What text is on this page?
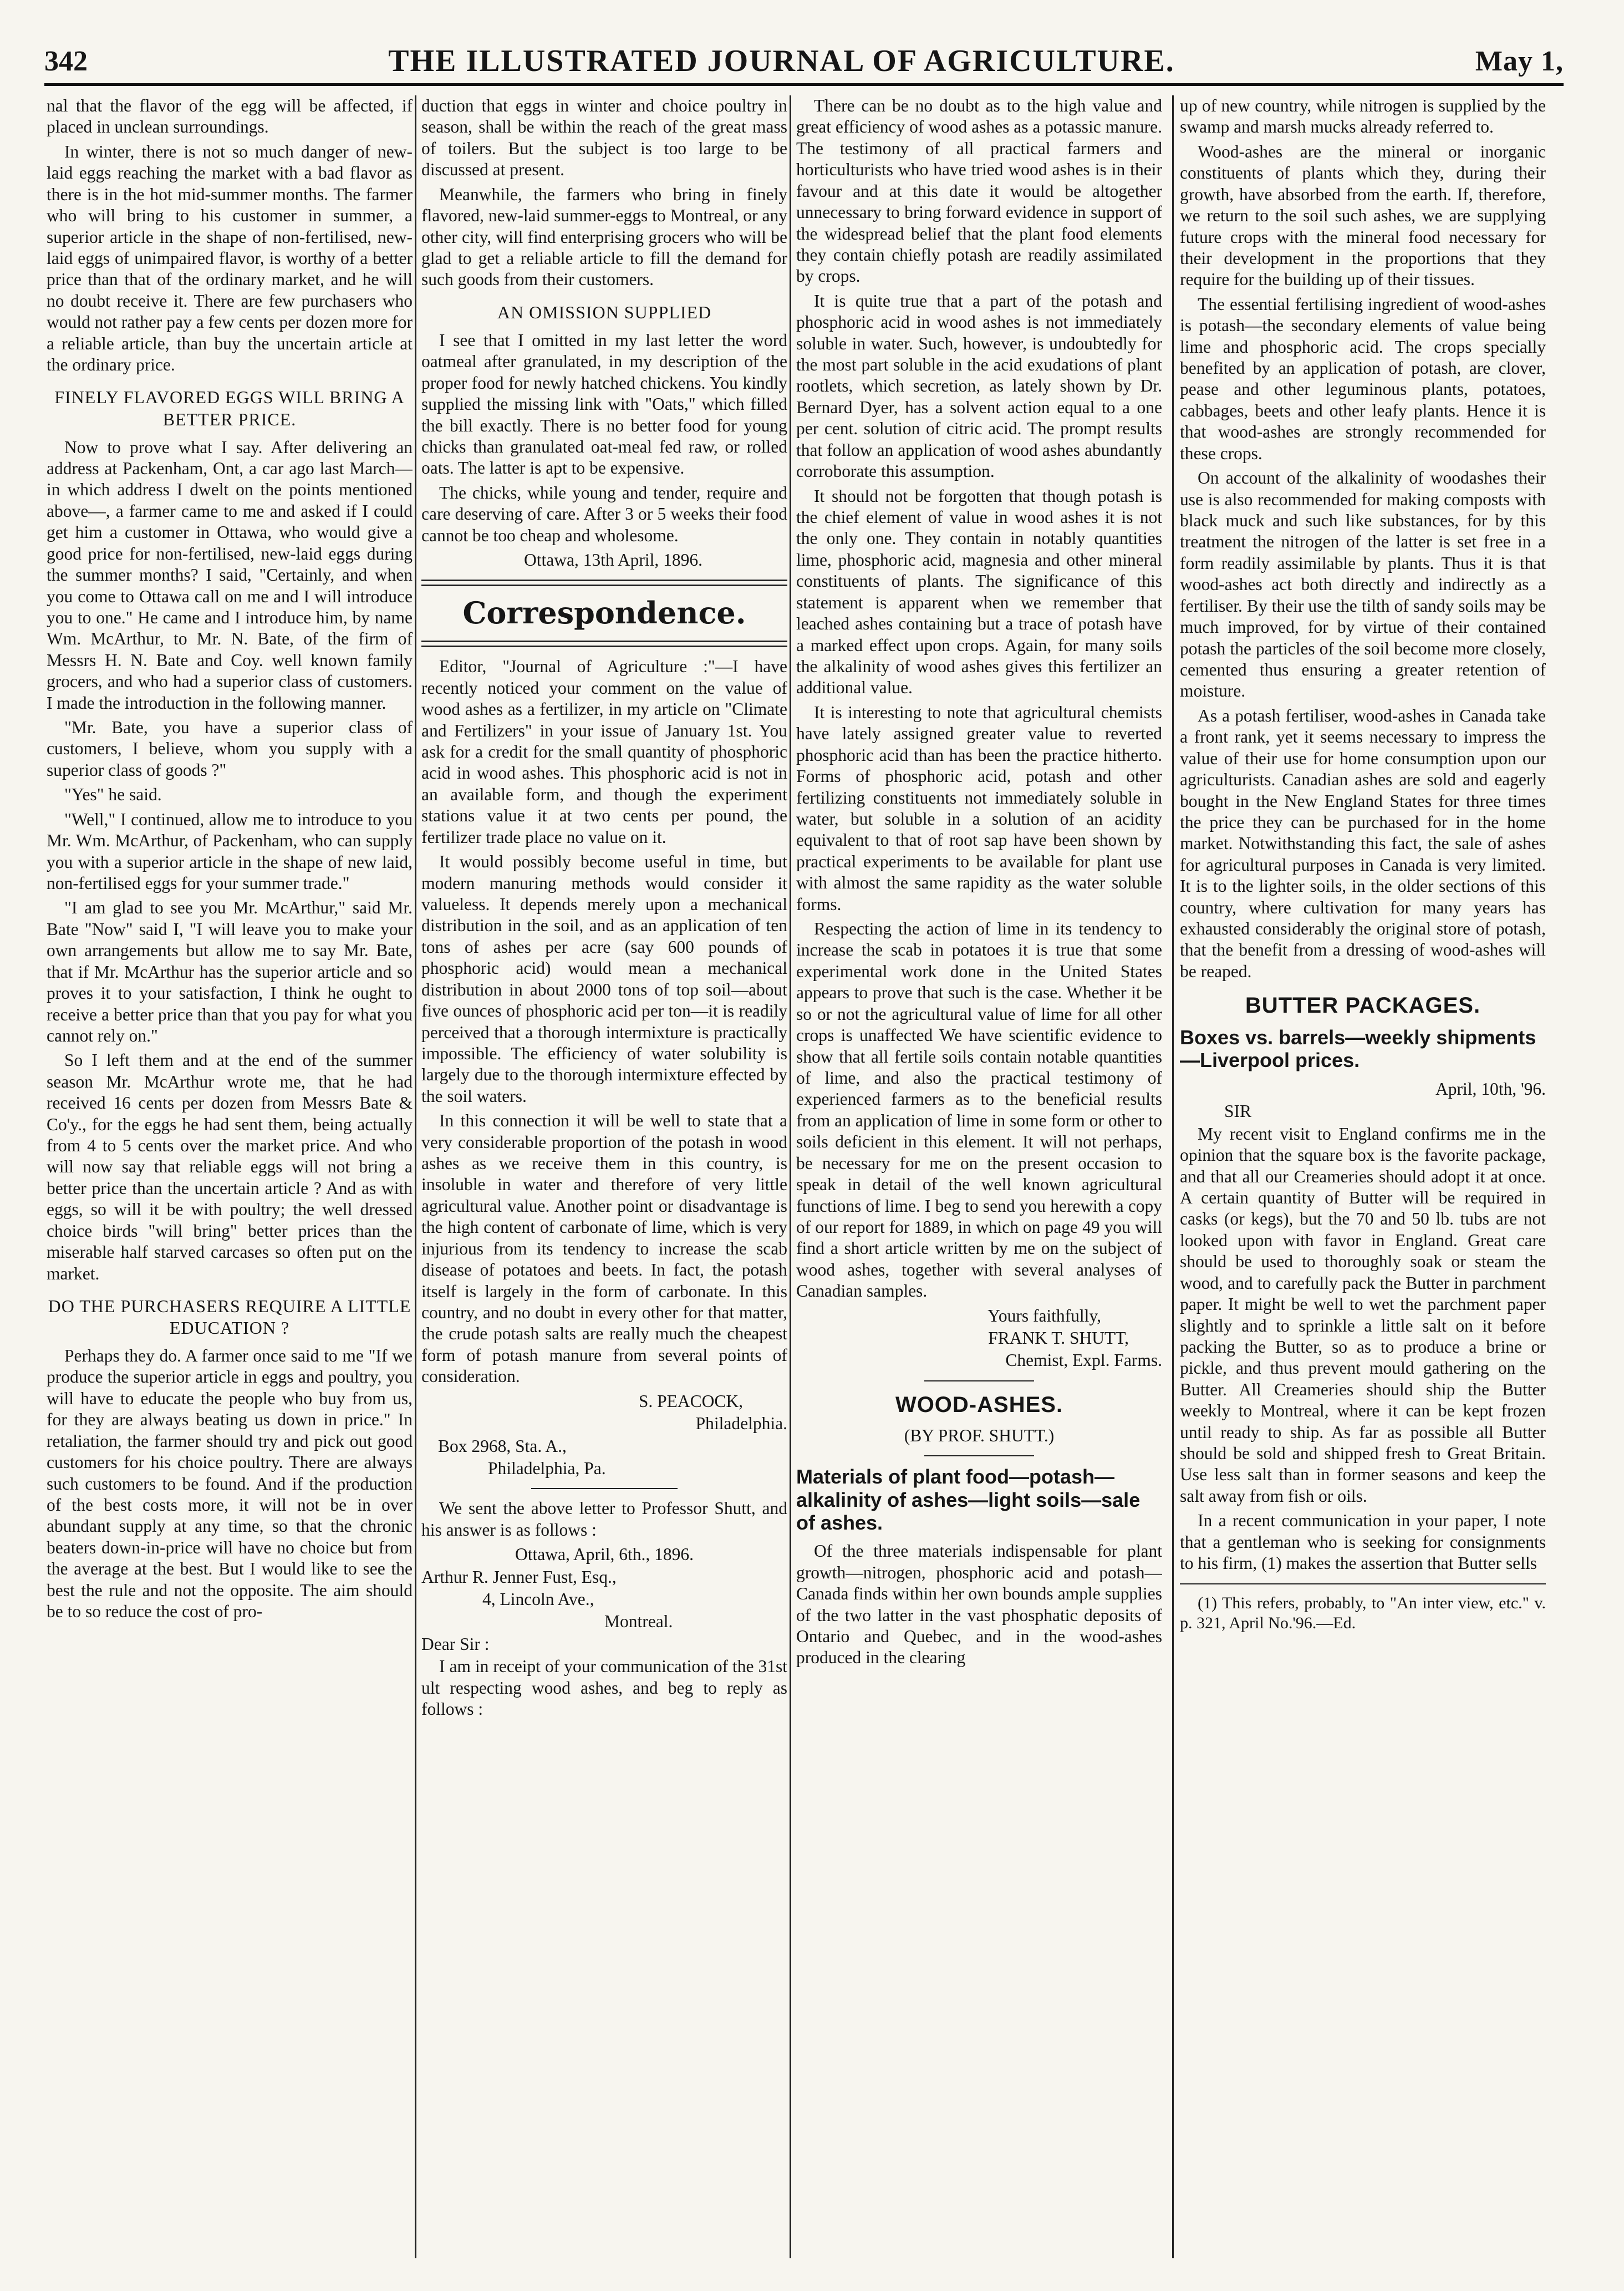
342	THE ILLUSTRATED JOURNAL OF AGRICULTURE.	May 1,

nal that the flavor of the egg will be affected, if placed in unclean surroundings.

In winter, there is not so much danger of new-laid eggs reaching the market with a bad flavor as there is in the hot mid-summer months. The farmer who will bring to his customer in summer, a superior article in the shape of non-fertilised, new-laid eggs of unimpaired flavor, is worthy of a better price than that of the ordinary market, and he will no doubt receive it. There are few purchasers who would not rather pay a few cents per dozen more for a reliable article, than buy the uncertain article at the ordinary price.

FINELY FLAVORED EGGS WILL BRING A BETTER PRICE.

Now to prove what I say. After delivering an address at Packenham, Ont, a car ago last March—in which address I dwelt on the points mentioned above—, a farmer came to me and asked if I could get him a customer in Ottawa, who would give a good price for non-fertilised, new-laid eggs during the summer months? I said, "Certainly, and when you come to Ottawa call on me and I will introduce you to one." He came and I introduce him, by name Wm. McArthur, to Mr. N. Bate, of the firm of Messrs H. N. Bate and Coy. well known family grocers, and who had a superior class of customers. I made the introduction in the following manner.

"Mr. Bate, you have a superior class of customers, I believe, whom you supply with a superior class of goods ?"

"Yes" he said.

"Well," I continued, allow me to introduce to you Mr. Wm. McArthur, of Packenham, who can supply you with a superior article in the shape of new laid, non-fertilised eggs for your summer trade."

"I am glad to see you Mr. McArthur," said Mr. Bate "Now" said I, "I will leave you to make your own arrangements but allow me to say Mr. Bate, that if Mr. McArthur has the superior article and so proves it to your satisfaction, I think he ought to receive a better price than that you pay for what you cannot rely on."

So I left them and at the end of the summer season Mr. McArthur wrote me, that he had received 16 cents per dozen from Messrs Bate & Co'y., for the eggs he had sent them, being actually from 4 to 5 cents over the market price. And who will now say that reliable eggs will not bring a better price than the uncertain article ? And as with eggs, so will it be with poultry; the well dressed choice birds "will bring" better prices than the miserable half starved carcases so often put on the market.

DO THE PURCHASERS REQUIRE A LITTLE EDUCATION ?

Perhaps they do. A farmer once said to me "If we produce the superior article in eggs and poultry, you will have to educate the people who buy from us, for they are always beating us down in price." In retaliation, the farmer should try and pick out good customers for his choice poultry. There are always such customers to be found. And if the production of the best costs more, it will not be in over abundant supply at any time, so that the chronic beaters down-in-price will have no choice but from the average at the best. But I would like to see the best the rule and not the opposite. The aim should be to so reduce the cost of pro-

duction that eggs in winter and choice poultry in season, shall be within the reach of the great mass of toilers. But the subject is too large to be discussed at present.

Meanwhile, the farmers who bring in finely flavored, new-laid summer-eggs to Montreal, or any other city, will find enterprising grocers who will be glad to get a reliable article to fill the demand for such goods from their customers.

AN OMISSION SUPPLIED

I see that I omitted in my last letter the word oatmeal after granulated, in my description of the proper food for newly hatched chickens. You kindly supplied the missing link with "Oats," which filled the bill exactly. There is no better food for young chicks than granulated oat-meal fed raw, or rolled oats. The latter is apt to be expensive.

The chicks, while young and tender, require and care deserving of care. After 3 or 5 weeks their food cannot be too cheap and wholesome.

Ottawa, 13th April, 1896.

Correspondence.

Editor, "Journal of Agriculture :"—I have recently noticed your comment on the value of wood ashes as a fertilizer, in my article on "Climate and Fertilizers" in your issue of January 1st. You ask for a credit for the small quantity of phosphoric acid in wood ashes. This phosphoric acid is not in an available form, and though the experiment stations value it at two cents per pound, the fertilizer trade place no value on it.

It would possibly become useful in time, but modern manuring methods would consider it valueless. It depends merely upon a mechanical distribution in the soil, and as an application of ten tons of ashes per acre (say 600 pounds of phosphoric acid) would mean a mechanical distribution in about 2000 tons of top soil—about five ounces of phosphoric acid per ton—it is readily perceived that a thorough intermixture is practically impossible. The efficiency of water solubility is largely due to the thorough intermixture effected by the soil waters.

In this connection it will be well to state that a very considerable proportion of the potash in wood ashes as we receive them in this country, is insoluble in water and therefore of very little agricultural value. Another point or disadvantage is the high content of carbonate of lime, which is very injurious from its tendency to increase the scab disease of potatoes and beets. In fact, the potash itself is largely in the form of carbonate. In this country, and no doubt in every other for that matter, the crude potash salts are really much the cheapest form of potash manure from several points of consideration.

S. PEACOCK,
Philadelphia.
Box 2968, Sta. A.,
Philadelphia, Pa.

We sent the above letter to Professor Shutt, and his answer is as follows :

Ottawa, April, 6th., 1896.
Arthur R. Jenner Fust, Esq.,
4, Lincoln Ave.,
Montreal.
Dear Sir :

I am in receipt of your communication of the 31st ult respecting wood ashes, and beg to reply as follows :

There can be no doubt as to the high value and great efficiency of wood ashes as a potassic manure. The testimony of all practical farmers and horticulturists who have tried wood ashes is in their favour and at this date it would be altogether unnecessary to bring forward evidence in support of the widespread belief that the plant food elements they contain chiefly potash are readily assimilated by crops.

It is quite true that a part of the potash and phosphoric acid in wood ashes is not immediately soluble in water. Such, however, is undoubtedly for the most part soluble in the acid exudations of plant rootlets, which secretion, as lately shown by Dr. Bernard Dyer, has a solvent action equal to a one per cent. solution of citric acid. The prompt results that follow an application of wood ashes abundantly corroborate this assumption.

It should not be forgotten that though potash is the chief element of value in wood ashes it is not the only one. They contain in notably quantities lime, phosphoric acid, magnesia and other mineral constituents of plants. The significance of this statement is apparent when we remember that leached ashes containing but a trace of potash have a marked effect upon crops. Again, for many soils the alkalinity of wood ashes gives this fertilizer an additional value.

It is interesting to note that agricultural chemists have lately assigned greater value to reverted phosphoric acid than has been the practice hitherto. Forms of phosphoric acid, potash and other fertilizing constituents not immediately soluble in water, but soluble in a solution of an acidity equivalent to that of root sap have been shown by practical experiments to be available for plant use with almost the same rapidity as the water soluble forms.

Respecting the action of lime in its tendency to increase the scab in potatoes it is true that some experimental work done in the United States appears to prove that such is the case. Whether it be so or not the agricultural value of lime for all other crops is unaffected We have scientific evidence to show that all fertile soils contain notable quantities of lime, and also the practical testimony of experienced farmers as to the beneficial results from an application of lime in some form or other to soils deficient in this element. It will not perhaps, be necessary for me on the present occasion to speak in detail of the well known agricultural functions of lime. I beg to send you herewith a copy of our report for 1889, in which on page 49 you will find a short article written by me on the subject of wood ashes, together with several analyses of Canadian samples.

Yours faithfully,
FRANK T. SHUTT,
Chemist, Expl. Farms.
WOOD-ASHES.
(BY PROF. SHUTT.)
Materials of plant food—potash—alkalinity of ashes—light soils—sale of ashes.

Of the three materials indispensable for plant growth—nitrogen, phosphoric acid and potash—Canada finds within her own bounds ample supplies of the two latter in the vast phosphatic deposits of Ontario and Quebec, and in the wood-ashes produced in the clearing

up of new country, while nitrogen is supplied by the swamp and marsh mucks already referred to.

Wood-ashes are the mineral or inorganic constituents of plants which they, during their growth, have absorbed from the earth. If, therefore, we return to the soil such ashes, we are supplying future crops with the mineral food necessary for their development in the proportions that they require for the building up of their tissues.

The essential fertilising ingredient of wood-ashes is potash—the secondary elements of value being lime and phosphoric acid. The crops specially benefited by an application of potash, are clover, pease and other leguminous plants, potatoes, cabbages, beets and other leafy plants. Hence it is that wood-ashes are strongly recommended for these crops.

On account of the alkalinity of woodashes their use is also recommended for making composts with black muck and such like substances, for by this treatment the nitrogen of the latter is set free in a form readily assimilable by plants. Thus it is that wood-ashes act both directly and indirectly as a fertiliser. By their use the tilth of sandy soils may be much improved, for by virtue of their contained potash the particles of the soil become more closely, cemented thus ensuring a greater retention of moisture.

As a potash fertiliser, wood-ashes in Canada take a front rank, yet it seems necessary to impress the value of their use for home consumption upon our agriculturists. Canadian ashes are sold and eagerly bought in the New England States for three times the price they can be purchased for in the home market. Notwithstanding this fact, the sale of ashes for agricultural purposes in Canada is very limited. It is to the lighter soils, in the older sections of this country, where cultivation for many years has exhausted considerably the original store of potash, that the benefit from a dressing of wood-ashes will be reaped.

BUTTER PACKAGES.
Boxes vs. barrels—weekly shipments—Liverpool prices.
April, 10th, '96.
SIR

My recent visit to England confirms me in the opinion that the square box is the favorite package, and that all our Creameries should adopt it at once. A certain quantity of Butter will be required in casks (or kegs), but the 70 and 50 lb. tubs are not looked upon with favor in England. Great care should be used to thoroughly soak or steam the wood, and to carefully pack the Butter in parchment paper. It might be well to wet the parchment paper slightly and to sprinkle a little salt on it before packing the Butter, so as to produce a brine or pickle, and thus prevent mould gathering on the Butter. All Creameries should ship the Butter weekly to Montreal, where it can be kept frozen until ready to ship. As far as possible all Butter should be sold and shipped fresh to Great Britain. Use less salt than in former seasons and keep the salt away from fish or oils.

In a recent communication in your paper, I note that a gentleman who is seeking for consignments to his firm, (1) makes the assertion that Butter sells

(1) This refers, probably, to "An inter view, etc." v. p. 321, April No.'96.—Ed.
